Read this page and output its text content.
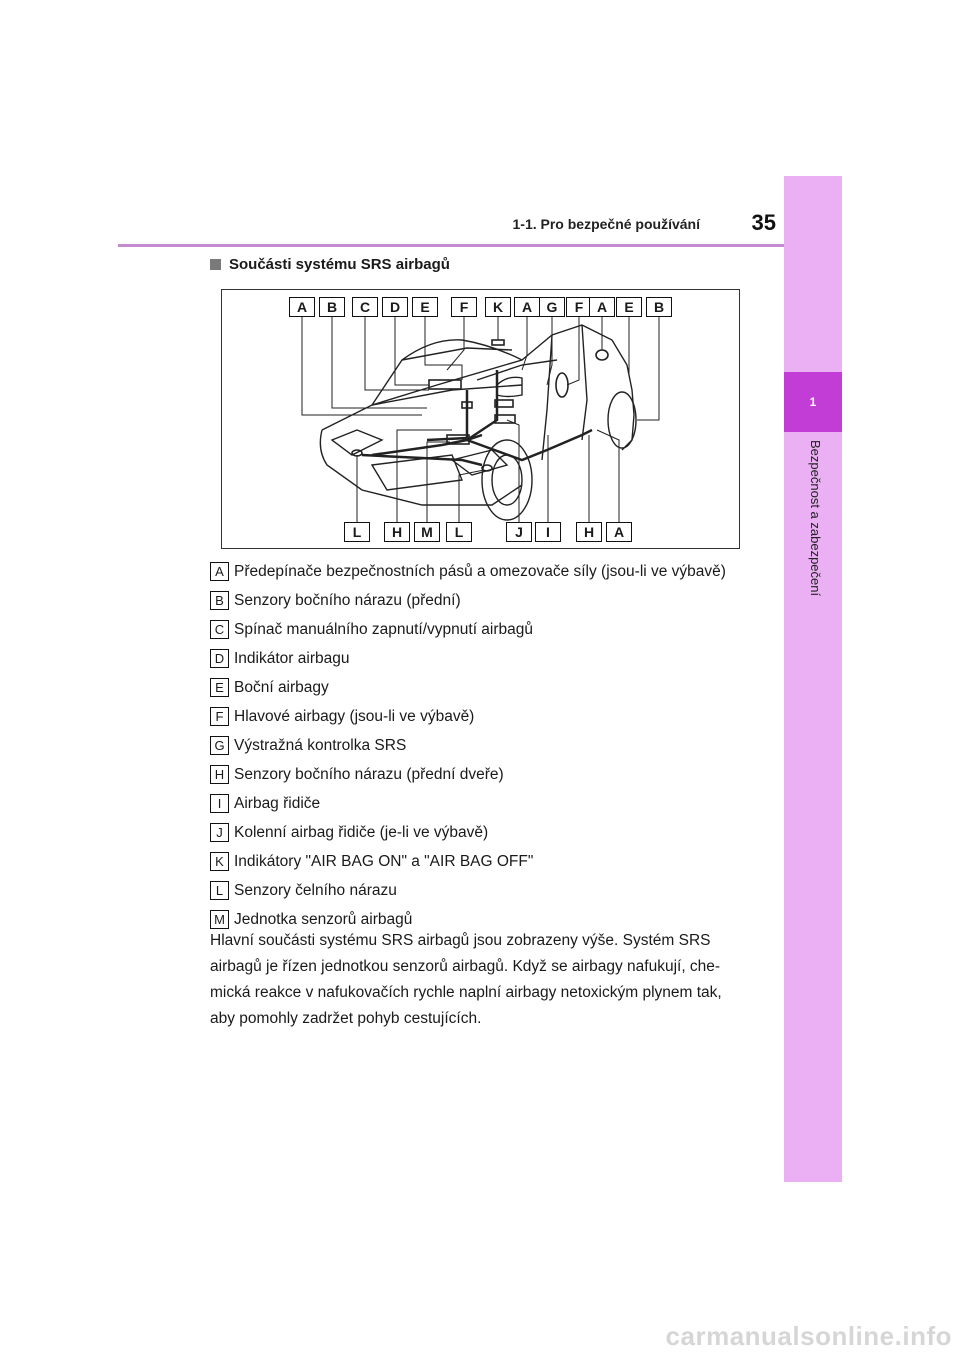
1
Bezpečnost a zabezpečení
1-1. Pro bezpečné používání	35
Součásti systému SRS airbagů
A	B	C	D	E	F	K	A	G	F A	E	B
L	H	M	L	J	I	H	A
A Předepínače bezpečnostních pásů a omezovače síly (jsou-li ve výbavě)
B Senzory bočního nárazu (přední)
C Spínač manuálního zapnutí/vypnutí airbagů
D Indikátor airbagu
E Boční airbagy
F Hlavové airbagy (jsou-li ve výbavě)
G Výstražná kontrolka SRS
H Senzory bočního nárazu (přední dveře)
I Airbag řidiče
J Kolenní airbag řidiče (je-li ve výbavě)
K Indikátory "AIR BAG ON" a "AIR BAG OFF"
L Senzory čelního nárazu
M Jednotka senzorů airbagů

Hlavní součásti systému SRS airbagů jsou zobrazeny výše. Systém SRS

airbagů je řízen jednotkou senzorů airbagů. Když se airbagy nafukují, che-

mická reakce v nafukovačích rychle naplní airbagy netoxickým plynem tak,

aby pomohly zadržet pohyb cestujících.

carmanualsonline.info
